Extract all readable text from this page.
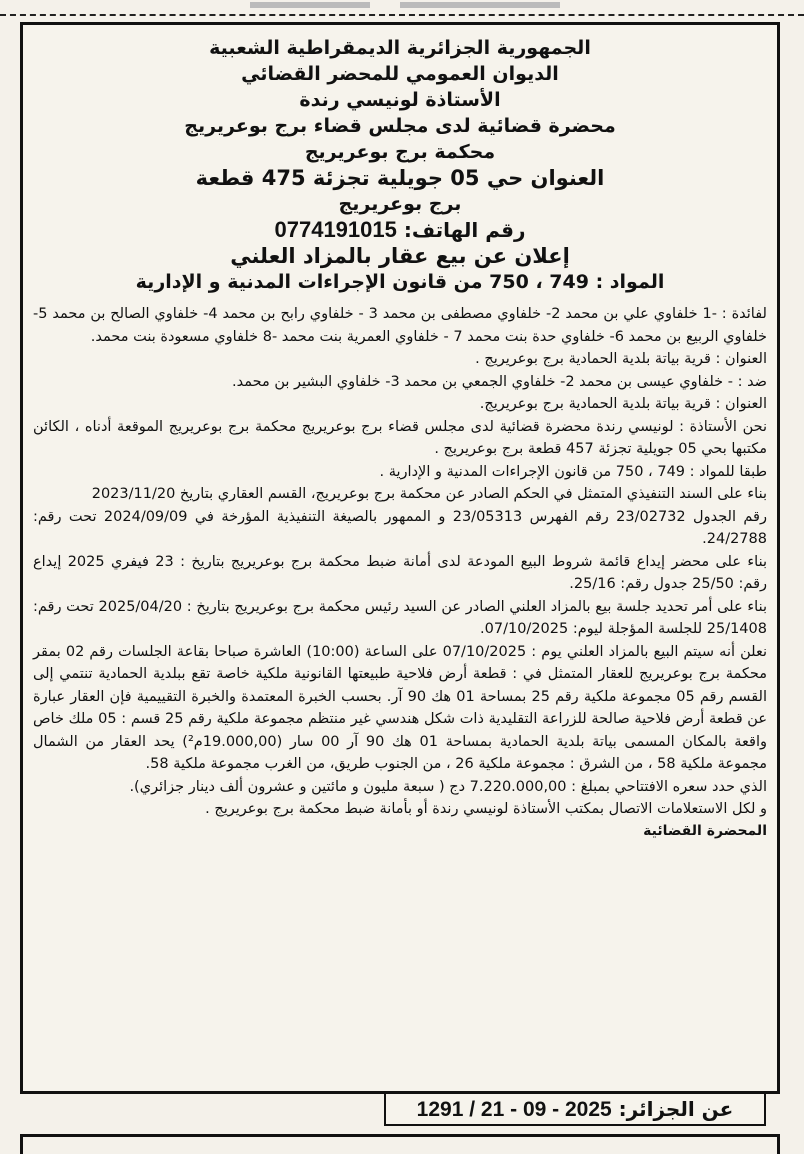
الجمهورية الجزائرية الديمقراطية الشعبية
الديوان العمومي للمحضر القضائي
الأستاذة لونيسي رندة
محضرة قضائية لدى مجلس قضاء برج بوعريريج
محكمة برج بوعريريج
العنوان حي 05 جويلية تجزئة 475 قطعة
برج بوعريريج
رقم الهاتف: 0774191015
إعلان عن بيع عقار بالمزاد العلني
المواد : 749 ، 750 من قانون الإجراءات المدنية و الإدارية

لفائدة : -1 خلفاوي علي بن محمد 2- خلفاوي مصطفى بن محمد 3 - خلفاوي رابح بن محمد 4- خلفاوي الصالح بن محمد 5- خلفاوي الربيع بن محمد 6- خلفاوي حدة بنت محمد 7 - خلفاوي العمرية بنت محمد -8 خلفاوي مسعودة بنت محمد.

العنوان : قرية بياتة بلدية الحمادية برج بوعريريج .

ضد : - خلفاوي عيسى بن محمد 2- خلفاوي الجمعي بن محمد 3- خلفاوي البشير بن محمد.

العنوان : قرية بياتة بلدية الحمادية برج بوعريريج.

نحن الأستاذة : لونيسي رندة محضرة قضائية لدى مجلس قضاء برج بوعريريج محكمة برج بوعريريج الموقعة أدناه ، الكائن مكتبها بحي 05 جويلية تجزئة 457 قطعة برج بوعريريج .

طبقا للمواد : 749 ، 750 من قانون الإجراءات المدنية و الإدارية .

بناء على السند التنفيذي المتمثل في الحكم الصادر عن محكمة برج بوعريريج، القسم العقاري بتاريخ 2023/11/20

رقم الجدول 23/02732 رقم الفهرس 23/05313 و الممهور بالصيغة التنفيذية المؤرخة في 2024/09/09 تحت رقم: 24/2788.

بناء على محضر إيداع قائمة شروط البيع المودعة لدى أمانة ضبط محكمة برج بوعريريج بتاريخ : 23 فيفري 2025 إيداع رقم: 25/50 جدول رقم: 25/16.

بناء على أمر تحديد جلسة بيع بالمزاد العلني الصادر عن السيد رئيس محكمة برج بوعريريج بتاريخ : 2025/04/20 تحت رقم: 25/1408 للجلسة المؤجلة ليوم: 07/10/2025.

نعلن أنه سيتم البيع بالمزاد العلني يوم : 07/10/2025 على الساعة (10:00) العاشرة صباحا بقاعة الجلسات رقم 02 بمقر محكمة برج بوعريريج للعقار المتمثل في : قطعة أرض فلاحية طبيعتها القانونية ملكية خاصة تقع ببلدية الحمادية تنتمي إلى القسم رقم 05 مجموعة ملكية رقم 25 بمساحة 01 هك 90 آر. بحسب الخبرة المعتمدة والخبرة التقييمية فإن العقار عبارة عن قطعة أرض فلاحية صالحة للزراعة التقليدية ذات شكل هندسي غير منتظم مجموعة ملكية رقم 25 قسم : 05 ملك خاص واقعة بالمكان المسمى بياتة بلدية الحمادية بمساحة 01 هك 90 آر 00 سار (19.000,00م²) يحد العقار من الشمال مجموعة ملكية 58 ، من الشرق : مجموعة ملكية 26 ، من الجنوب طريق، من الغرب مجموعة ملكية 58.

الذي حدد سعره الافتتاحي بمبلغ : 7.220.000,00 دج ( سبعة مليون و مائتين و عشرون ألف دينار جزائري).

و لكل الاستعلامات الاتصال بمكتب الأستاذة لونيسي رندة أو بأمانة ضبط محكمة برج بوعريريج .

المحضرة القضائية
عن الجزائر: 2025 - 09 - 21 / 1291
